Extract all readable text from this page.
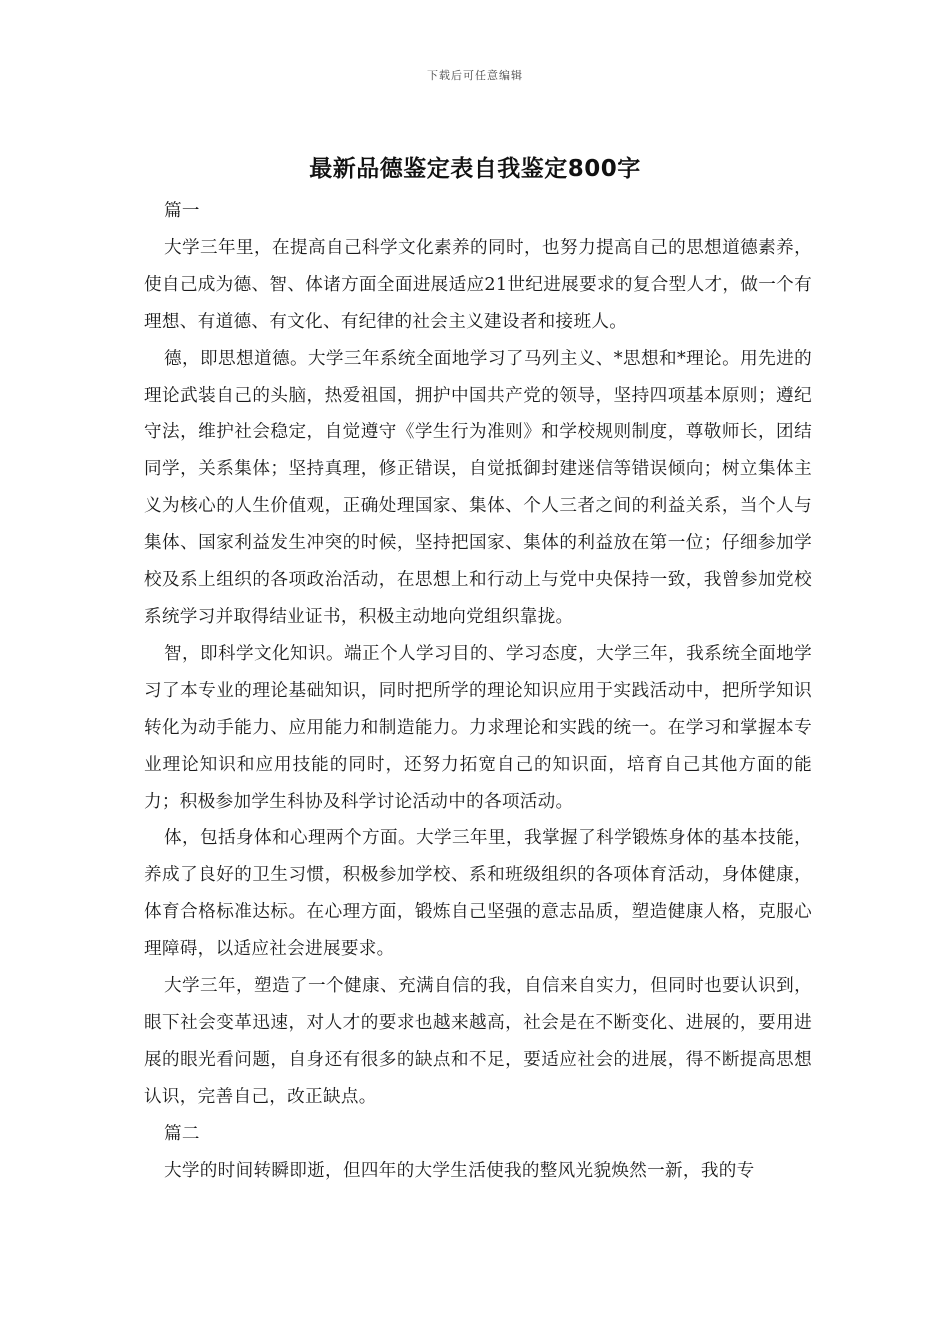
下载后可任意编辑
最新品德鉴定表自我鉴定800字

篇一

大学三年里，在提高自己科学文化素养的同时，也努力提高自己的思想道德素养，使自己成为德、智、体诸方面全面进展适应21世纪进展要求的复合型人才，做一个有理想、有道德、有文化、有纪律的社会主义建设者和接班人。

德，即思想道德。大学三年系统全面地学习了马列主义、*思想和*理论。用先进的理论武装自己的头脑，热爱祖国，拥护中国共产党的领导，坚持四项基本原则；遵纪守法，维护社会稳定，自觉遵守《学生行为准则》和学校规则制度，尊敬师长，团结同学，关系集体；坚持真理，修正错误，自觉抵御封建迷信等错误倾向；树立集体主义为核心的人生价值观，正确处理国家、集体、个人三者之间的利益关系，当个人与集体、国家利益发生冲突的时候，坚持把国家、集体的利益放在第一位；仔细参加学校及系上组织的各项政治活动，在思想上和行动上与党中央保持一致，我曾参加党校系统学习并取得结业证书，积极主动地向党组织靠拢。

智，即科学文化知识。端正个人学习目的、学习态度，大学三年，我系统全面地学习了本专业的理论基础知识，同时把所学的理论知识应用于实践活动中，把所学知识转化为动手能力、应用能力和制造能力。力求理论和实践的统一。在学习和掌握本专业理论知识和应用技能的同时，还努力拓宽自己的知识面，培育自己其他方面的能力；积极参加学生科协及科学讨论活动中的各项活动。

体，包括身体和心理两个方面。大学三年里，我掌握了科学锻炼身体的基本技能，养成了良好的卫生习惯，积极参加学校、系和班级组织的各项体育活动，身体健康，体育合格标准达标。在心理方面，锻炼自己坚强的意志品质，塑造健康人格，克服心理障碍，以适应社会进展要求。

大学三年，塑造了一个健康、充满自信的我，自信来自实力，但同时也要认识到，眼下社会变革迅速，对人才的要求也越来越高，社会是在不断变化、进展的，要用进展的眼光看问题，自身还有很多的缺点和不足，要适应社会的进展，得不断提高思想认识，完善自己，改正缺点。

篇二

大学的时间转瞬即逝，但四年的大学生活使我的整风光貌焕然一新，我的专
